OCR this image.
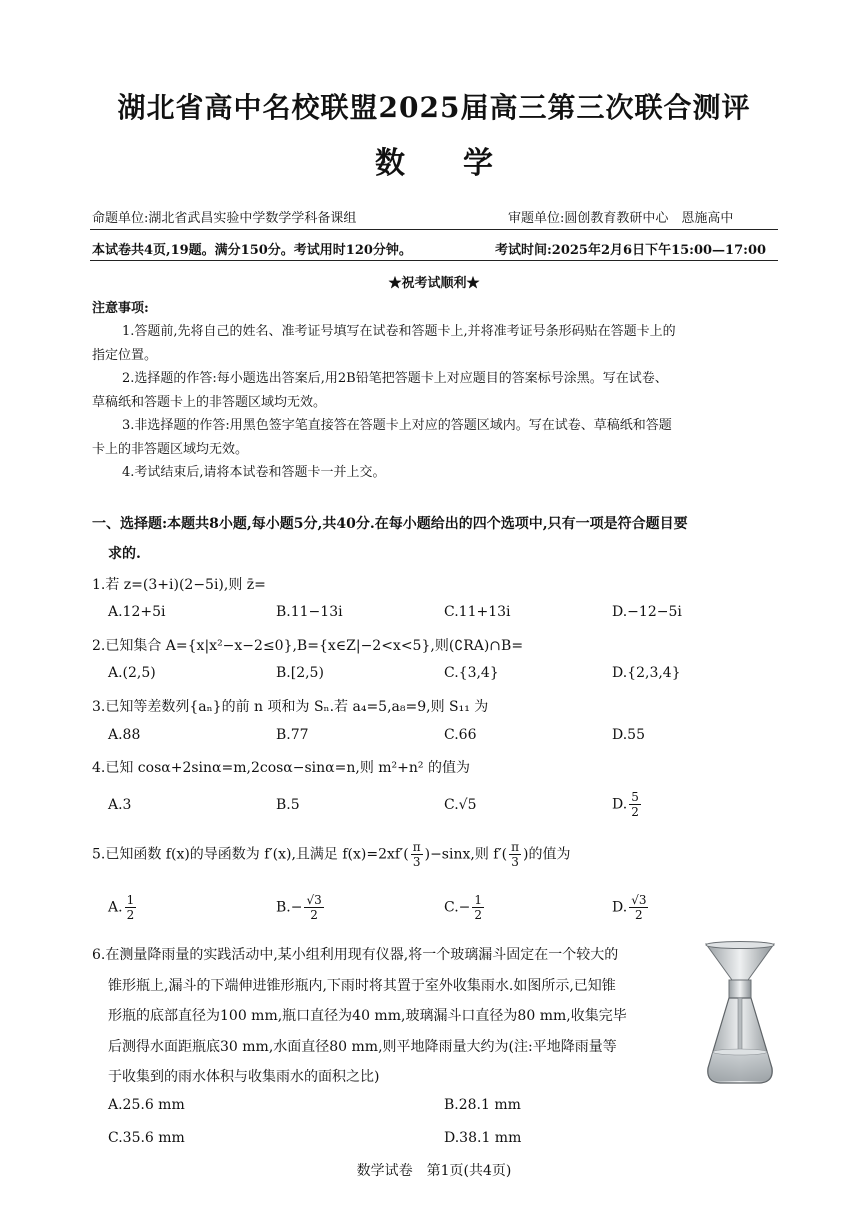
湖北省高中名校联盟2025届高三第三次联合测评
数学
命题单位:湖北省武昌实验中学数学学科备课组	审题单位:圆创教育教研中心　恩施高中
本试卷共4页,19题。满分150分。考试用时120分钟。	考试时间:2025年2月6日下午15:00—17:00
★祝考试顺利★
注意事项:

1.答题前,先将自己的姓名、准考证号填写在试卷和答题卡上,并将准考证号条形码贴在答题卡上的

指定位置。

2.选择题的作答:每小题选出答案后,用2B铅笔把答题卡上对应题目的答案标号涂黑。写在试卷、

草稿纸和答题卡上的非答题区域均无效。

3.非选择题的作答:用黑色签字笔直接答在答题卡上对应的答题区域内。写在试卷、草稿纸和答题

卡上的非答题区域均无效。

4.考试结束后,请将本试卷和答题卡一并上交。

一、选择题:本题共8小题,每小题5分,共40分.在每小题给出的四个选项中,只有一项是符合题目要
求的.
1.若 z=(3+i)(2−5i),则 z̄=
A.12+5i	B.11−13i	C.11+13i	D.−12−5i
2.已知集合 A={x|x²−x−2≤0},B={x∈Z|−2<x<5},则(∁RA)∩B=
A.(2,5)	B.[2,5)	C.{3,4}	D.{2,3,4}
3.已知等差数列{aₙ}的前 n 项和为 Sₙ.若 a₄=5,a₈=9,则 S₁₁ 为
A.88	B.77	C.66	D.55
4.已知 cosα+2sinα=m,2cosα−sinα=n,则 m²+n² 的值为
A.3	B.5	C.√5	D. $\frac{5}{2}$
5.已知函数 f(x)的导函数为 f′(x),且满足 $f(x)=2xf'( \frac{\pi}{3} )-\sin x$,则 $f'( \frac{\pi}{3}$ )的值为
A. $\frac{1}{2}$	$B.- \frac{√3}{2}$	$C.- \frac{1}{2}$	D. $\frac{√3}{2}$
6.在测量降雨量的实践活动中,某小组利用现有仪器,将一个玻璃漏斗固定在一个较大的
锥形瓶上,漏斗的下端伸进锥形瓶内,下雨时将其置于室外收集雨水.如图所示,已知锥
形瓶的底部直径为100 mm,瓶口直径为40 mm,玻璃漏斗口直径为80 mm,收集完毕
后测得水面距瓶底30 mm,水面直径80 mm,则平地降雨量大约为(注:平地降雨量等
于收集到的雨水体积与收集雨水的面积之比)
A.25.6 mm	B.28.1 mm
C.35.6 mm	D.38.1 mm
数学试卷　第1页(共4页)
